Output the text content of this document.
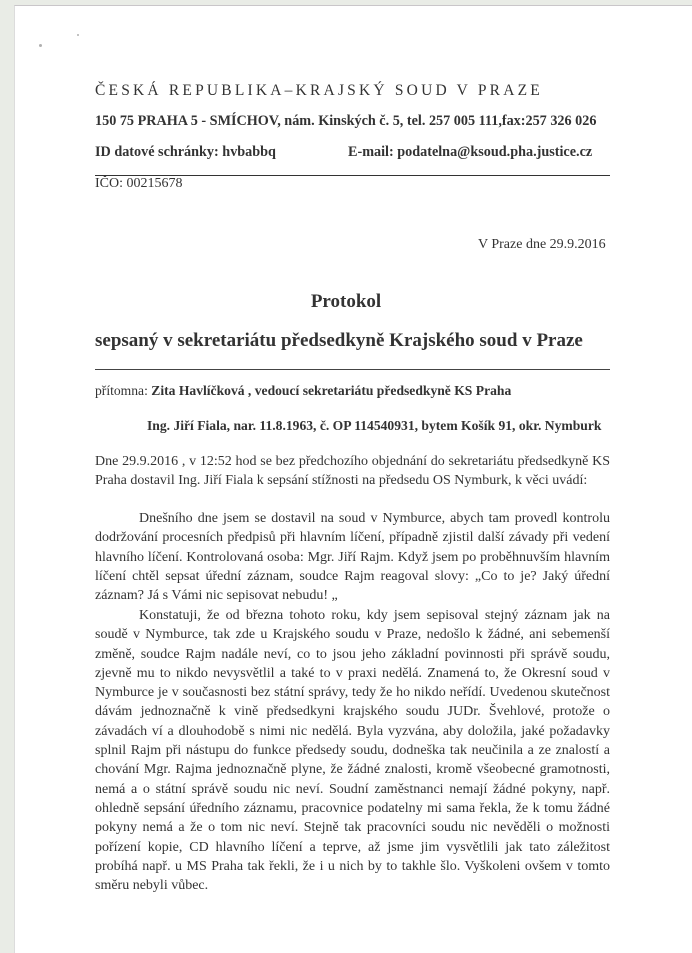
ČESKÁ REPUBLIKA–KRAJSKÝ SOUD V PRAZE
150 75 PRAHA 5 - SMÍCHOV, nám. Kinských č. 5, tel. 257 005 111,fax:257 326 026
ID datové schránky: hvbabbq	E-mail: podatelna@ksoud.pha.justice.cz
IČO: 00215678
V Praze dne 29.9.2016
Protokol
sepsaný v sekretariátu předsedkyně Krajského soud v Praze
přítomna: Zita Havlíčková , vedoucí sekretariátu předsedkyně KS Praha
Ing. Jiří Fiala, nar. 11.8.1963, č. OP 114540931, bytem Košík 91, okr. Nymburk
Dne 29.9.2016 , v 12:52 hod se bez předchozího objednání do sekretariátu předsedkyně KS Praha dostavil Ing. Jiří Fiala k sepsání stížnosti na předsedu OS Nymburk, k věci uvádí:
Dnešního dne jsem se dostavil na soud v Nymburce, abych tam provedl kontrolu dodržování procesních předpisů při hlavním líčení, případně zjistil další závady při vedení hlavního líčení. Kontrolovaná osoba: Mgr. Jiří Rajm. Když jsem po proběhnuvším hlavním líčení chtěl sepsat úřední záznam, soudce Rajm reagoval slovy: „Co to je? Jaký úřední záznam? Já s Vámi nic sepisovat nebudu! „
Konstatuji, že od března tohoto roku, kdy jsem sepisoval stejný záznam jak na soudě v Nymburce, tak zde u Krajského soudu v Praze, nedošlo k žádné, ani sebemenší změně, soudce Rajm nadále neví, co to jsou jeho základní povinnosti při správě soudu, zjevně mu to nikdo nevysvětlil a také to v praxi nedělá. Znamená to, že Okresní soud v Nymburce je v současnosti bez státní správy, tedy že ho nikdo neřídí. Uvedenou skutečnost dávám jednoznačně k vině předsedkyni krajského soudu JUDr. Švehlové, protože o závadách ví a dlouhodobě s nimi nic nedělá. Byla vyzvána, aby doložila, jaké požadavky splnil Rajm při nástupu do funkce předsedy soudu, dodneška tak neučinila a ze znalostí a chování Mgr. Rajma jednoznačně plyne, že žádné znalosti, kromě všeobecné gramotnosti, nemá a o státní správě soudu nic neví. Soudní zaměstnanci nemají žádné pokyny, např. ohledně sepsání úředního záznamu, pracovnice podatelny mi sama řekla, že k tomu žádné pokyny nemá a že o tom nic neví. Stejně tak pracovníci soudu nic nevěděli o možnosti pořízení kopie, CD hlavního líčení a teprve, až jsme jim vysvětlili jak tato záležitost probíhá např. u MS Praha tak řekli, že i u nich by to takhle šlo. Vyškoleni ovšem v tomto směru nebyli vůbec.
